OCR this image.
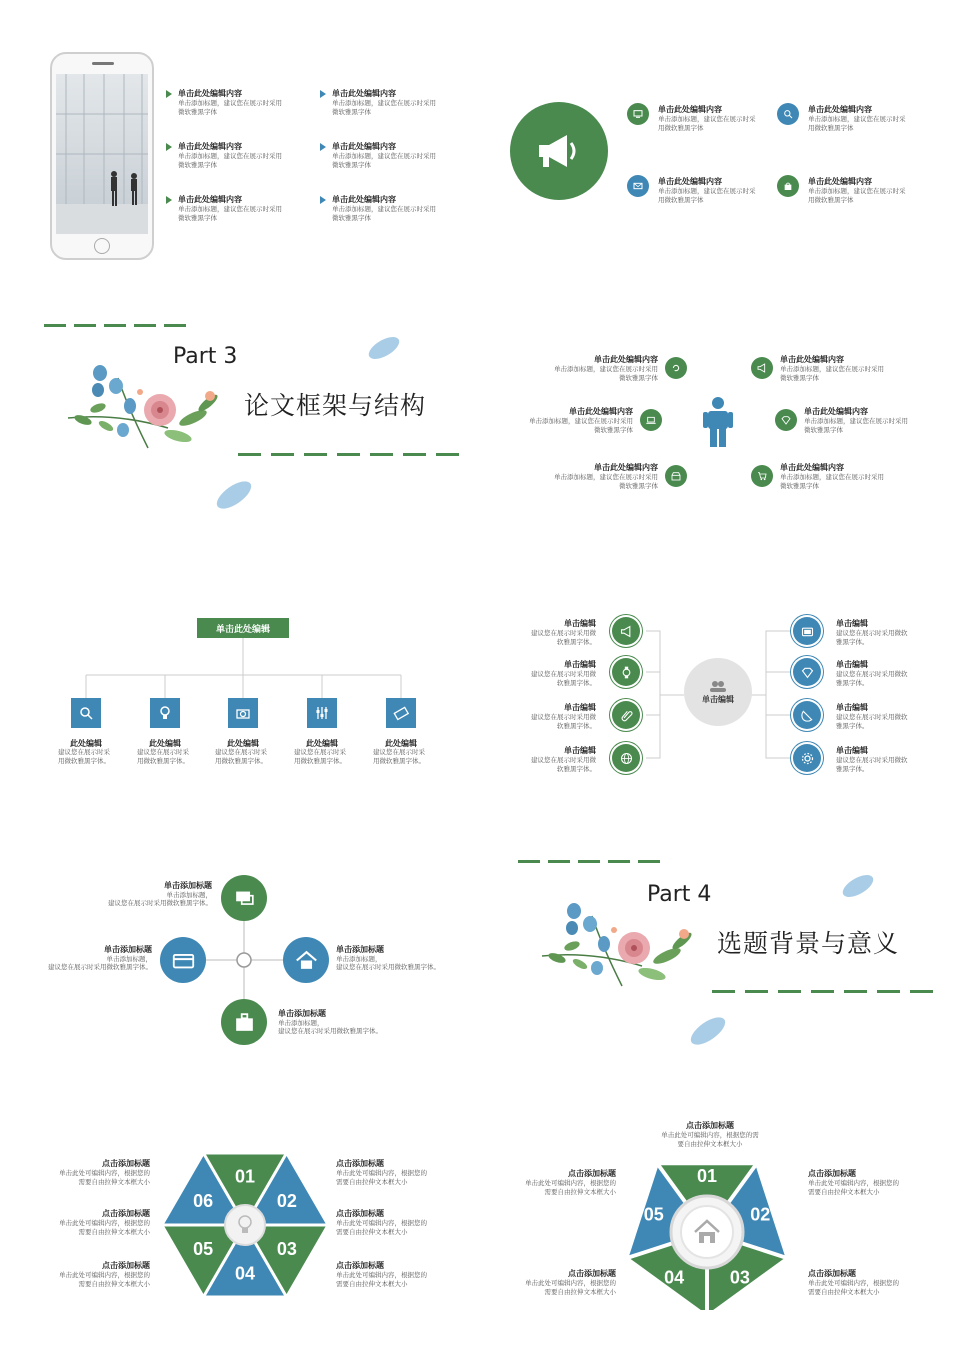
单击此处编辑内容
单击添加标题，建议您在展示时采用微软雅黑字体
单击此处编辑内容
单击添加标题，建议您在展示时采用微软雅黑字体
单击此处编辑内容
单击添加标题，建议您在展示时采用微软雅黑字体
单击此处编辑内容
单击添加标题，建议您在展示时采用微软雅黑字体
单击此处编辑内容
单击添加标题，建议您在展示时采用微软雅黑字体
单击此处编辑内容
单击添加标题，建议您在展示时采用微软雅黑字体
单击此处编辑内容
单击添加标题，建议您在展示时采用微软雅黑字体
单击此处编辑内容
单击添加标题，建议您在展示时采用微软雅黑字体
单击此处编辑内容
单击添加标题，建议您在展示时采用微软雅黑字体
单击此处编辑内容
单击添加标题，建议您在展示时采用微软雅黑字体
Part 3
论文框架与结构
单击此处编辑内容
单击添加标题，建议您在展示时采用微软雅黑字体
单击此处编辑内容
单击添加标题，建议您在展示时采用微软雅黑字体
单击此处编辑内容
单击添加标题，建议您在展示时采用微软雅黑字体
单击此处编辑内容
单击添加标题，建议您在展示时采用微软雅黑字体
单击此处编辑内容
单击添加标题，建议您在展示时采用微软雅黑字体
单击此处编辑内容
单击添加标题，建议您在展示时采用微软雅黑字体
单击此处编辑
此处编辑
建议您在展示时采用微软雅黑字体。
此处编辑
建议您在展示时采用微软雅黑字体。
此处编辑
建议您在展示时采用微软雅黑字体。
此处编辑
建议您在展示时采用微软雅黑字体。
此处编辑
建议您在展示时采用微软雅黑字体。
单击编辑
单击编辑
建议您在展示时采用微软雅黑字体。
单击编辑
建议您在展示时采用微软雅黑字体。
单击编辑
建议您在展示时采用微软雅黑字体。
单击编辑
建议您在展示时采用微软雅黑字体。
单击编辑
建议您在展示时采用微软雅黑字体。
单击编辑
建议您在展示时采用微软雅黑字体。
单击编辑
建议您在展示时采用微软雅黑字体。
单击编辑
建议您在展示时采用微软雅黑字体。
单击添加标题
单击添加标题，
建议您在展示时采用微软雅黑字体。
单击添加标题
单击添加标题，
建议您在展示时采用微软雅黑字体。
单击添加标题
单击添加标题，
建议您在展示时采用微软雅黑字体。
单击添加标题
单击添加标题，
建议您在展示时采用微软雅黑字体。
Part 4
选题背景与意义
01
02
03
04
05
06
点击添加标题
单击此处可编辑内容，根据您的需要自由拉伸文本框大小
点击添加标题
单击此处可编辑内容，根据您的需要自由拉伸文本框大小
点击添加标题
单击此处可编辑内容，根据您的需要自由拉伸文本框大小
点击添加标题
单击此处可编辑内容，根据您的需要自由拉伸文本框大小
点击添加标题
单击此处可编辑内容，根据您的需要自由拉伸文本框大小
点击添加标题
单击此处可编辑内容，根据您的需要自由拉伸文本框大小
01
02
03
04
05
点击添加标题
单击此处可编辑内容，根据您的需要自由拉伸文本框大小
点击添加标题
单击此处可编辑内容，根据您的需要自由拉伸文本框大小
点击添加标题
单击此处可编辑内容，根据您的需要自由拉伸文本框大小
点击添加标题
单击此处可编辑内容，根据您的需要自由拉伸文本框大小
点击添加标题
单击此处可编辑内容，根据您的需要自由拉伸文本框大小
